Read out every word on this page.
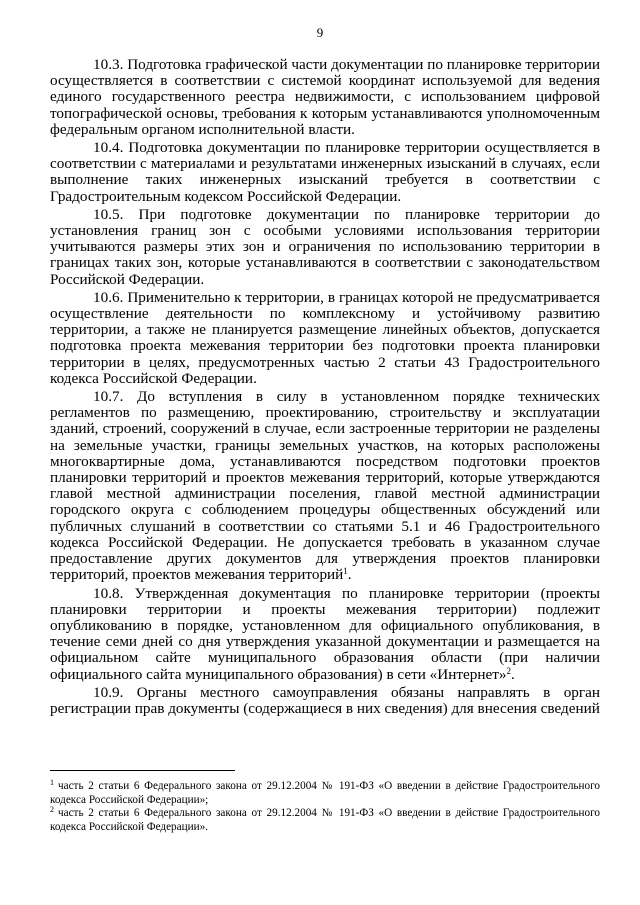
9

10.3. Подготовка графической части документации по планировке территории осуществляется в соответствии с системой координат используемой для ведения единого государственного реестра недвижимости, с использованием цифровой топографической основы, требования к которым устанавливаются уполномоченным федеральным органом исполнительной власти.

10.4. Подготовка документации по планировке территории осуществляется в соответствии с материалами и результатами инженерных изысканий в случаях, если выполнение таких инженерных изысканий требуется в соответствии с Градостроительным кодексом Российской Федерации.

10.5. При подготовке документации по планировке территории до установления границ зон с особыми условиями использования территории учитываются размеры этих зон и ограничения по использованию территории в границах таких зон, которые устанавливаются в соответствии с законодательством Российской Федерации.

10.6. Применительно к территории, в границах которой не предусматривается осуществление деятельности по комплексному и устойчивому развитию территории, а также не планируется размещение линейных объектов, допускается подготовка проекта межевания территории без подготовки проекта планировки территории в целях, предусмотренных частью 2 статьи 43 Градостроительного кодекса Российской Федерации.

10.7. До вступления в силу в установленном порядке технических регламентов по размещению, проектированию, строительству и эксплуатации зданий, строений, сооружений в случае, если застроенные территории не разделены на земельные участки, границы земельных участков, на которых расположены многоквартирные дома, устанавливаются посредством подготовки проектов планировки территорий и проектов межевания территорий, которые утверждаются главой местной администрации поселения, главой местной администрации городского округа с соблюдением процедуры общественных обсуждений или публичных слушаний в соответствии со статьями 5.1 и 46 Градостроительного кодекса Российской Федерации. Не допускается требовать в указанном случае предоставление других документов для утверждения проектов планировки территорий, проектов межевания территорий$^1$.

10.8. Утвержденная документация по планировке территории (проекты планировки территории и проекты межевания территории) подлежит опубликованию в порядке, установленном для официального опубликования, в течение семи дней со дня утверждения указанной документации и размещается на официальном сайте муниципального образования области (при наличии официального сайта муниципального образования) в сети «Интернет»$^2$.

10.9. Органы местного самоуправления обязаны направлять в орган регистрации прав документы (содержащиеся в них сведения) для внесения сведений

$^1$ часть 2 статьи 6 Федерального закона от 29.12.2004 № 191-ФЗ «О введении в действие Градостроительного кодекса Российской Федерации»;

$^2$ часть 2 статьи 6 Федерального закона от 29.12.2004 № 191-ФЗ «О введении в действие Градостроительного кодекса Российской Федерации».
